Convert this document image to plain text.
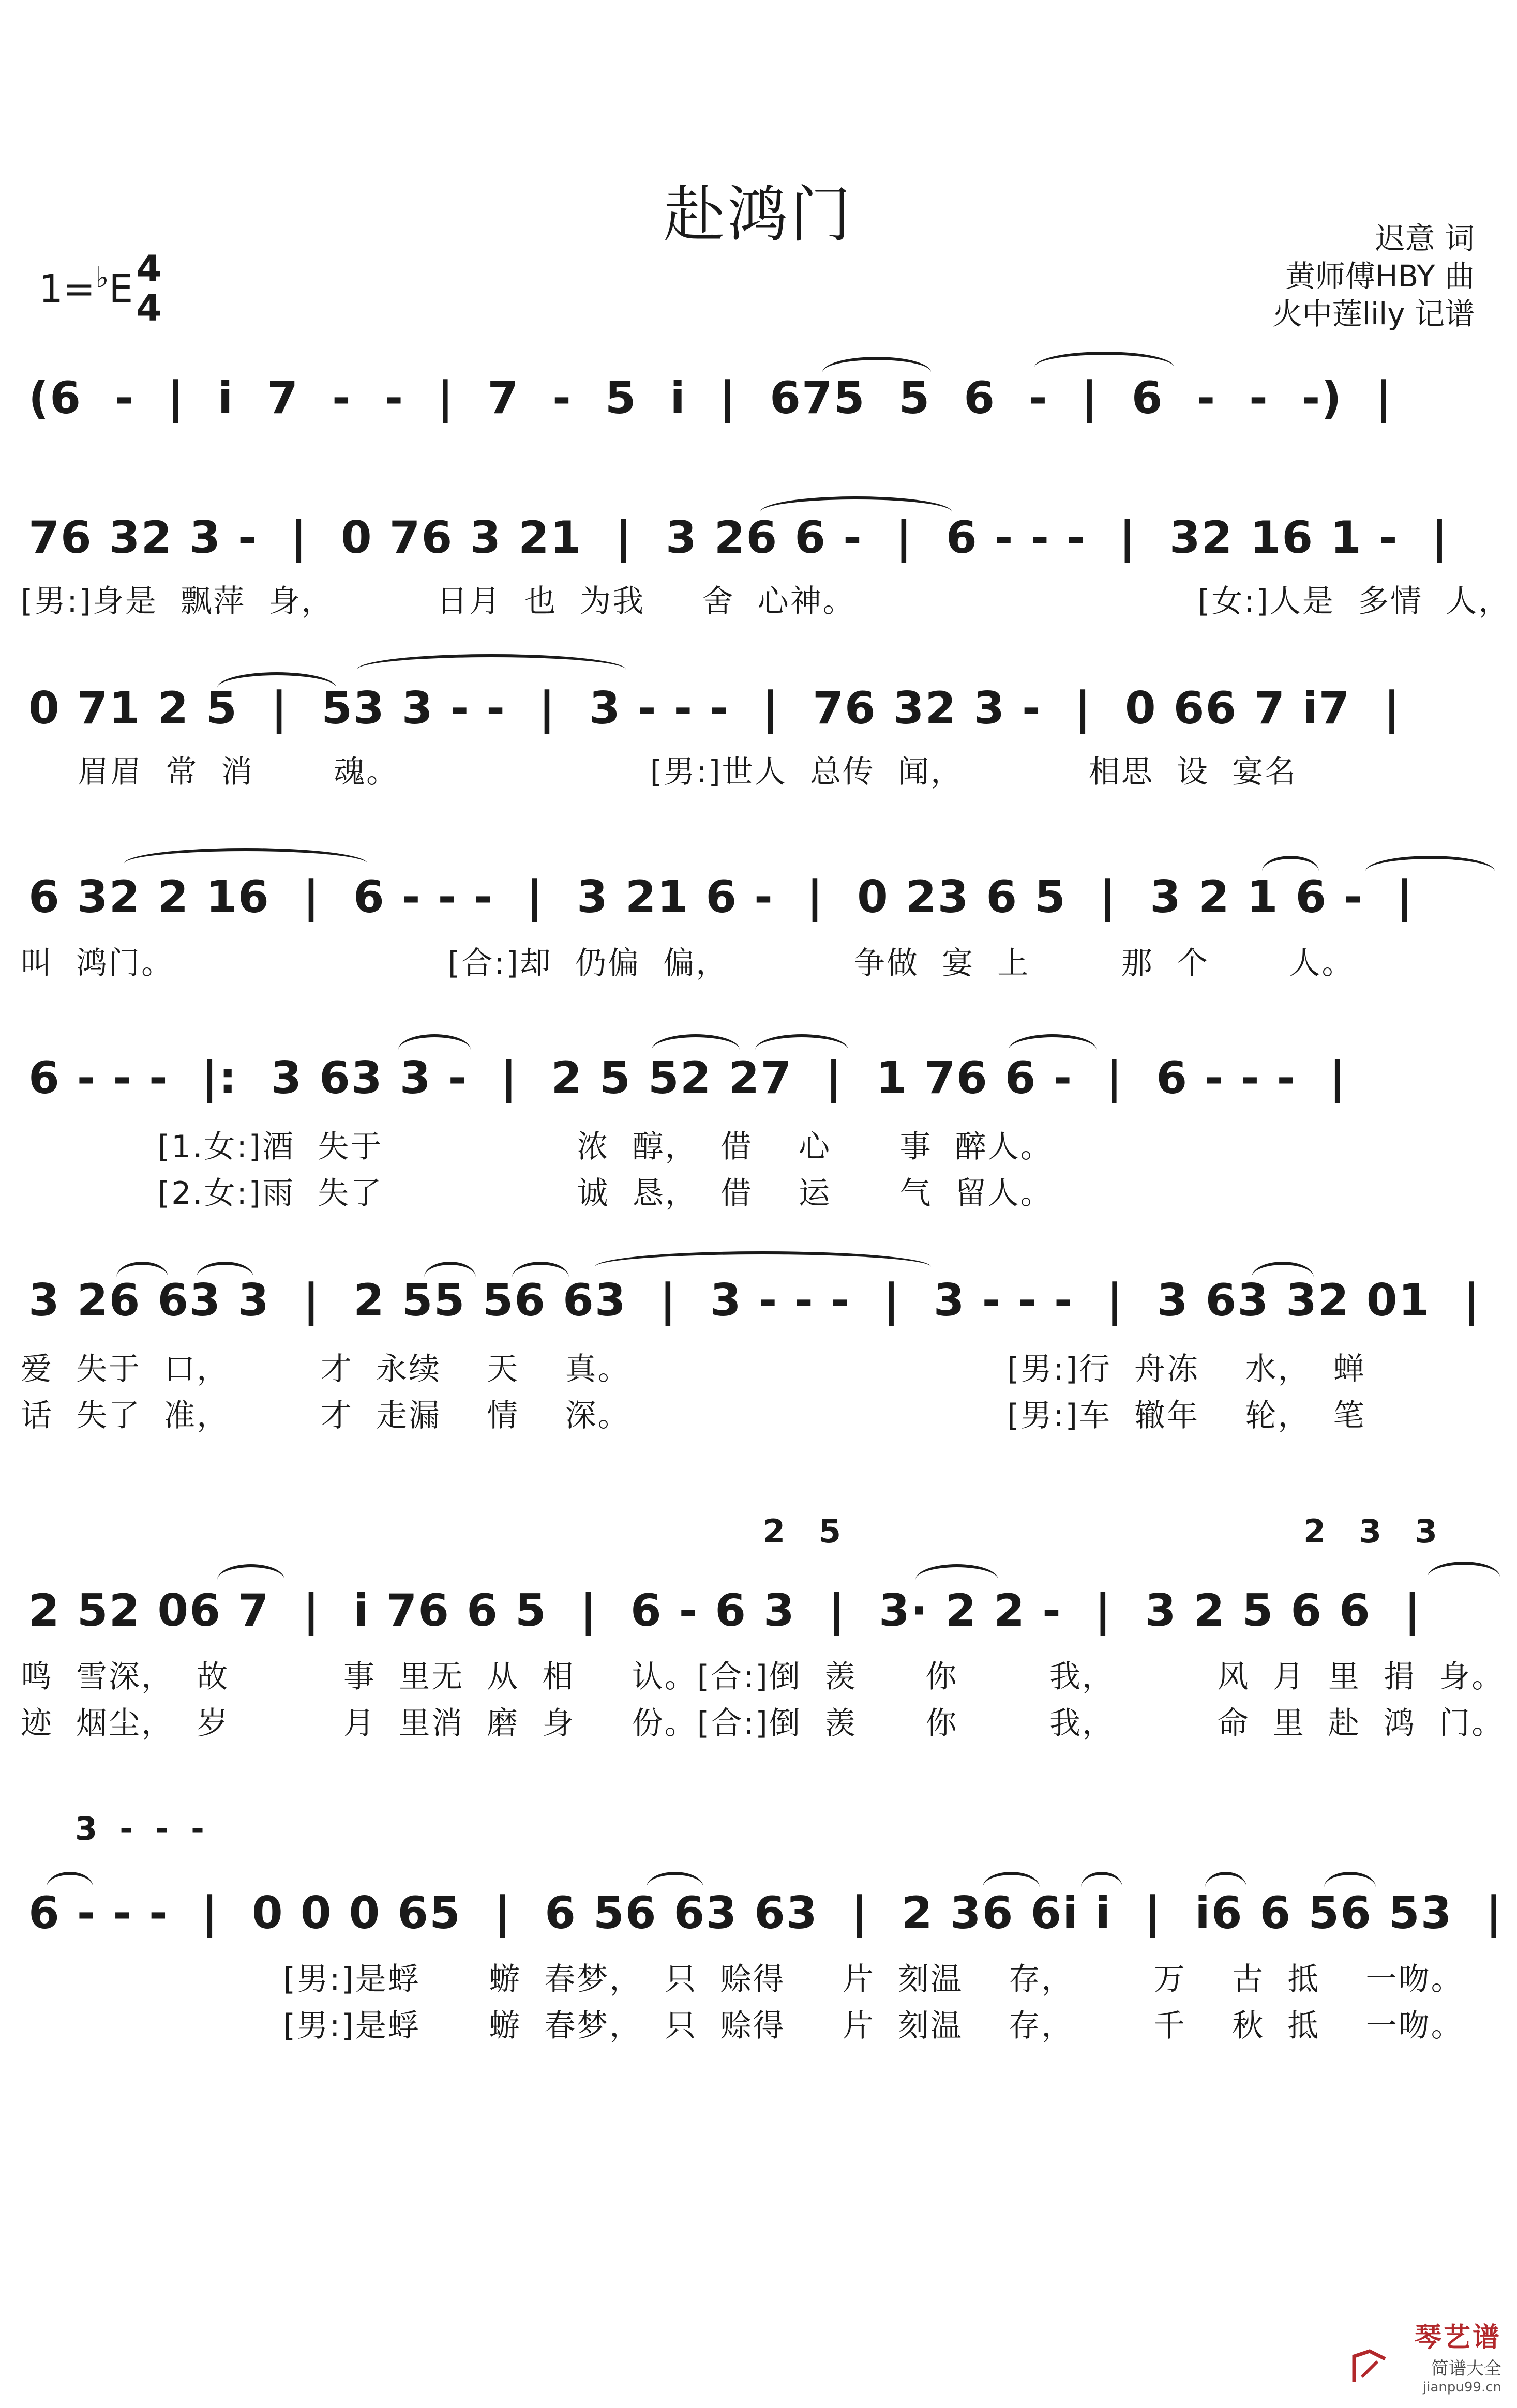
赴鸿门	迟意 词
黄师傅HBY 曲
火中莲lily 记谱
1=♭E 4
4
(6  -  |  i  7  -  -  |  7  -  5  i  |  675  5  6  -  |  6  -  -  -)  |
76 32 3 -  |  0 76 3 21  |  3 26 6 -  |  6 - - -  |  32 16 1 -  |
[男:]身是  飘萍  身，         日月  也  为我     舍  心神。                              [女:]人是  多情  人，
0 71 2 5  |  53 3 - -  |  3 - - -  |  76 32 3 -  |  0 66 7 i7  |
眉眉  常  消       魂。                      [男:]世人  总传  闻，           相思  设  宴名
6 32 2 16  |  6 - - -  |  3 21 6 -  |  0 23 6 5  |  3 2 1 6 -  |
叫  鸿门。                        [合:]却  仍偏  偏，           争做  宴  上        那  个       人。
6 - - -  |:  3 63 3 -  |  2 5 52 27  |  1 76 6 -  |  6 - - -  |
[1.女:]酒  失于                 浓  醇，  借    心      事  醉人。
[2.女:]雨  失了                 诚  恳，  借    运      气  留人。
3 26 63 3  |  2 55 56 63  |  3 - - -  |  3 - - -  |  3 63 32 01  |
爱  失于  口，        才  永续    天    真。                                 [男:]行  舟冻    水，  蝉
话  失了  准，        才  走漏    情    深。                                 [男:]车  辙年    轮，  笔
2   5	2   3   3
2 52 06 7  |  i 76 6 5  |  6 - 6 3  |  3· 2 2 -  |  3 2 5 6 6  |
鸣  雪深，  故          事  里无  从  相     认。[合:]倒  羡      你        我，         风  月  里  捐  身。
迹  烟尘，  岁          月  里消  磨  身     份。[合:]倒  羡      你        我，         命  里  赴  鸿  门。
3  -  -  -
6 - - -  |  0 0 0 65  |  6 56 63 63  |  2 36 6i i  |  i6 6 56 53  |
[男:]是蜉      蝣  春梦，  只  赊得     片  刻温    存，       万    古  抵    一吻。
[男:]是蜉      蝣  春梦，  只  赊得     片  刻温    存，       千    秋  抵    一吻。
琴艺谱
简谱大全
jianpu99.cn
